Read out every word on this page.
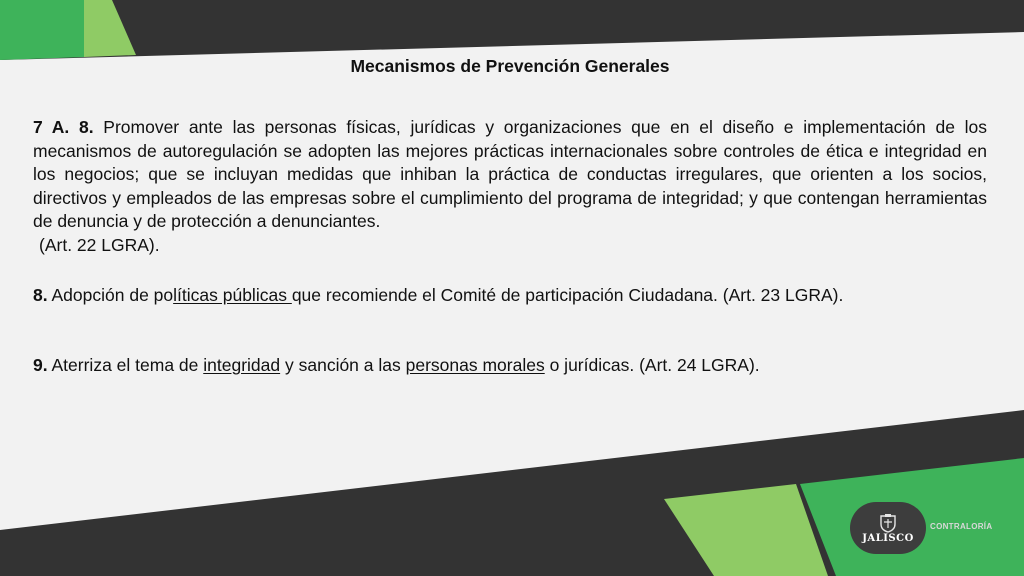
Mecanismos de Prevención Generales

7 A. 8. Promover ante las personas físicas, jurídicas y organizaciones que en el diseño e implementación de los mecanismos de autoregulación se adopten las mejores prácticas internacionales sobre controles de ética e integridad en los negocios; que se incluyan medidas que inhiban la práctica de conductas irregulares, que orienten a los socios, directivos y empleados de las empresas sobre el cumplimiento del programa de integridad; y que contengan herramientas de denuncia y de protección a denunciantes.
(Art. 22 LGRA).

8. Adopción de políticas públicas que recomiende el Comité de participación Ciudadana. (Art. 23 LGRA).

9. Aterriza el tema de integridad y sanción a las personas morales o jurídicas. (Art. 24 LGRA).

JALISCO
CONTRALORÍA
